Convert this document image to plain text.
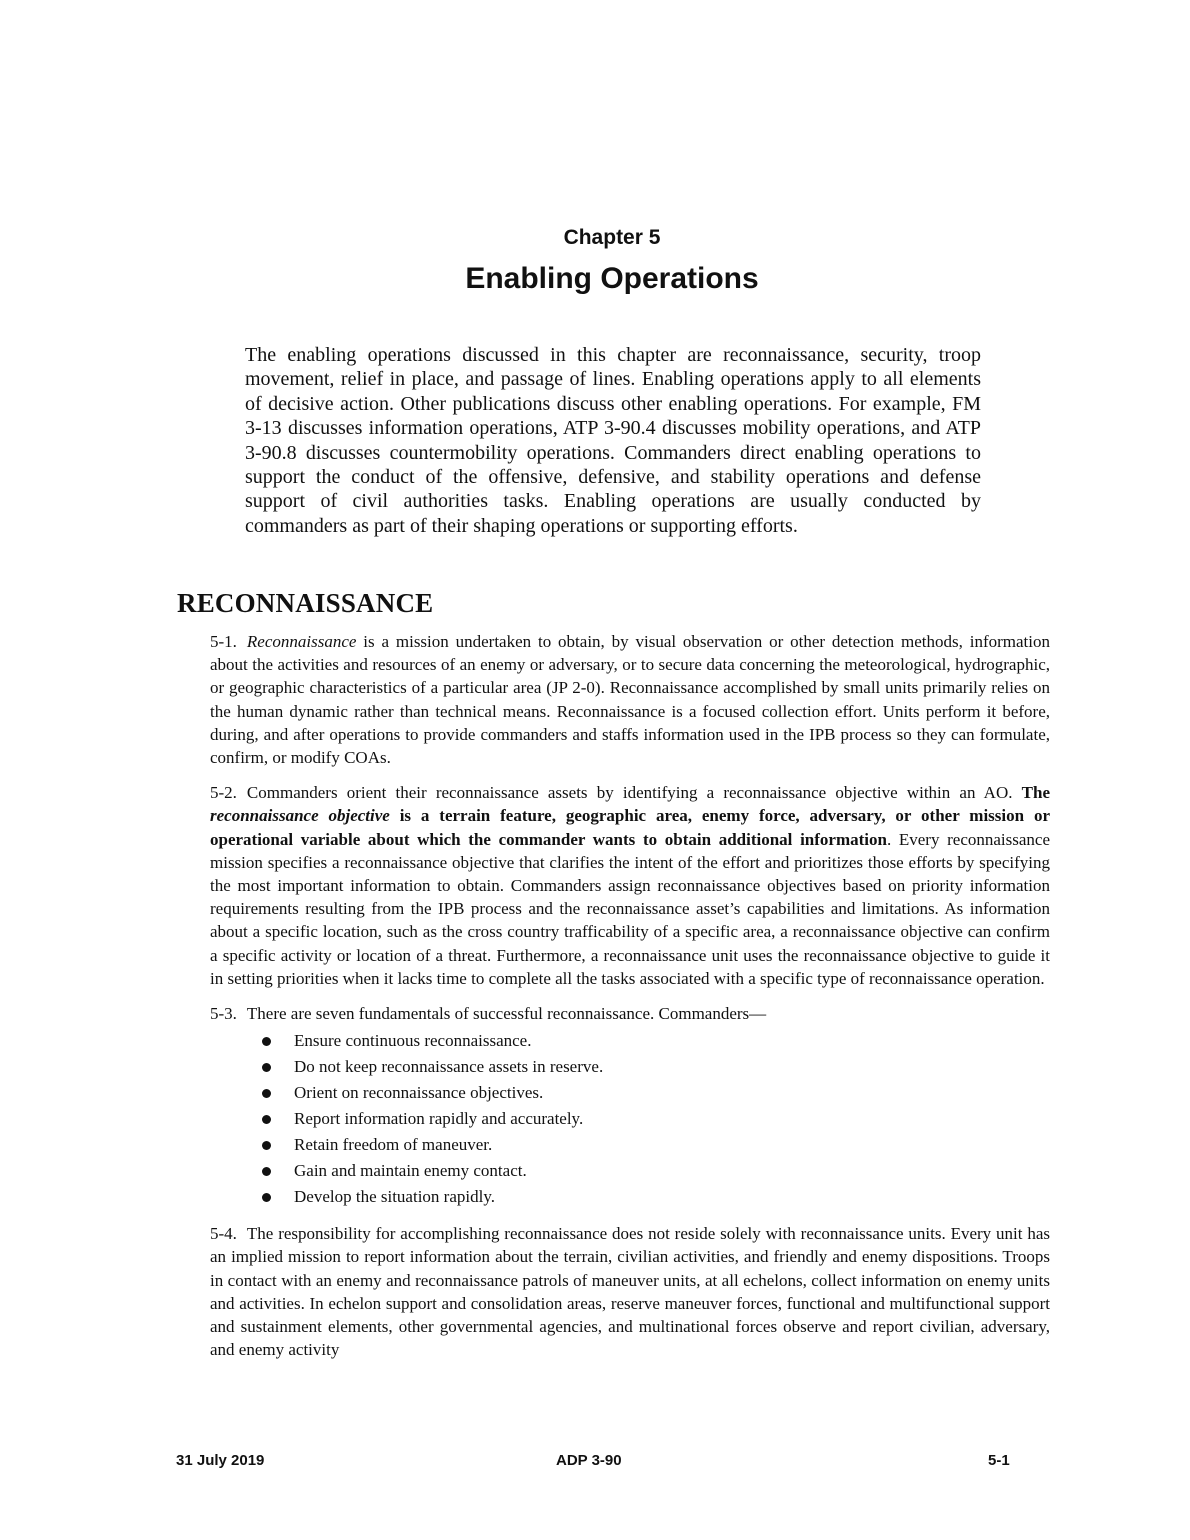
Chapter 5
Enabling Operations

The enabling operations discussed in this chapter are reconnaissance, security, troop movement, relief in place, and passage of lines. Enabling operations apply to all elements of decisive action. Other publications discuss other enabling operations. For example, FM 3-13 discusses information operations, ATP 3-90.4 discusses mobility operations, and ATP 3-90.8 discusses countermobility operations. Commanders direct enabling operations to support the conduct of the offensive, defensive, and stability operations and defense support of civil authorities tasks. Enabling operations are usually conducted by commanders as part of their shaping operations or supporting efforts.

RECONNAISSANCE

5-1. Reconnaissance is a mission undertaken to obtain, by visual observation or other detection methods, information about the activities and resources of an enemy or adversary, or to secure data concerning the meteorological, hydrographic, or geographic characteristics of a particular area (JP 2-0). Reconnaissance accomplished by small units primarily relies on the human dynamic rather than technical means. Reconnaissance is a focused collection effort. Units perform it before, during, and after operations to provide commanders and staffs information used in the IPB process so they can formulate, confirm, or modify COAs.

5-2. Commanders orient their reconnaissance assets by identifying a reconnaissance objective within an AO. The reconnaissance objective is a terrain feature, geographic area, enemy force, adversary, or other mission or operational variable about which the commander wants to obtain additional information. Every reconnaissance mission specifies a reconnaissance objective that clarifies the intent of the effort and prioritizes those efforts by specifying the most important information to obtain. Commanders assign reconnaissance objectives based on priority information requirements resulting from the IPB process and the reconnaissance asset’s capabilities and limitations. As information about a specific location, such as the cross country trafficability of a specific area, a reconnaissance objective can confirm a specific activity or location of a threat. Furthermore, a reconnaissance unit uses the reconnaissance objective to guide it in setting priorities when it lacks time to complete all the tasks associated with a specific type of reconnaissance operation.

5-3. There are seven fundamentals of successful reconnaissance. Commanders—

Ensure continuous reconnaissance.
Do not keep reconnaissance assets in reserve.
Orient on reconnaissance objectives.
Report information rapidly and accurately.
Retain freedom of maneuver.
Gain and maintain enemy contact.
Develop the situation rapidly.

5-4. The responsibility for accomplishing reconnaissance does not reside solely with reconnaissance units. Every unit has an implied mission to report information about the terrain, civilian activities, and friendly and enemy dispositions. Troops in contact with an enemy and reconnaissance patrols of maneuver units, at all echelons, collect information on enemy units and activities. In echelon support and consolidation areas, reserve maneuver forces, functional and multifunctional support and sustainment elements, other governmental agencies, and multinational forces observe and report civilian, adversary, and enemy activity

31 July 2019	ADP 3-90	5-1
